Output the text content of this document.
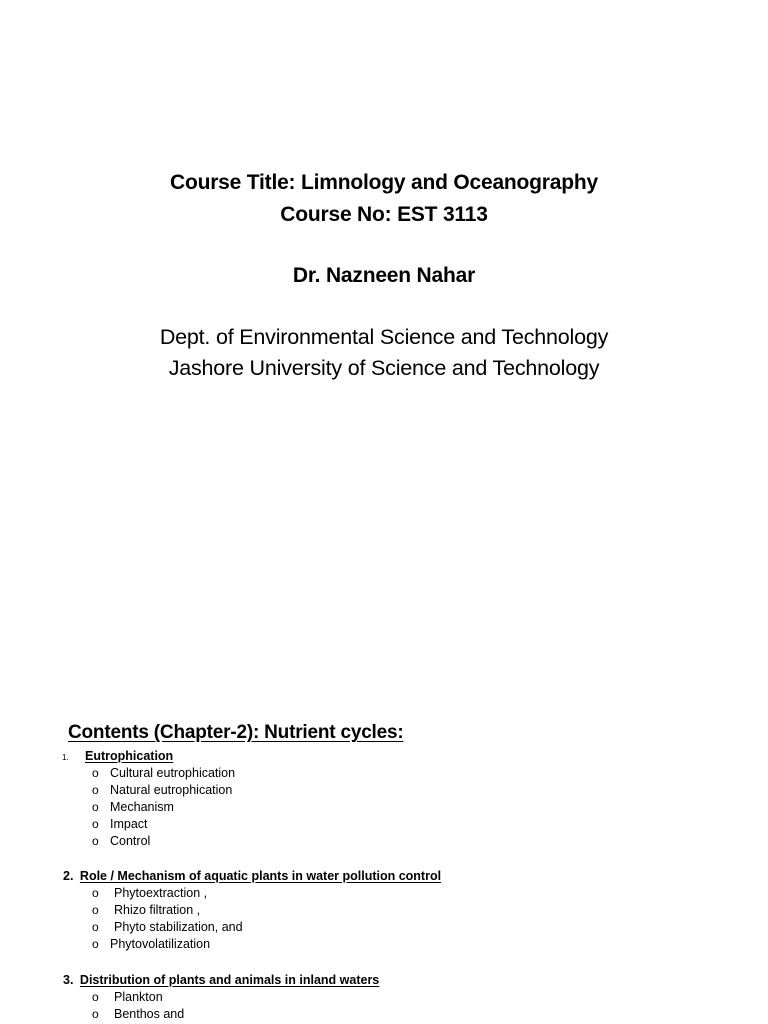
Course Title: Limnology and Oceanography
Course No: EST 3113
Dr. Nazneen Nahar
Dept. of Environmental Science and Technology
Jashore University of Science and Technology
Contents (Chapter-2): Nutrient cycles:
1. Eutrophication
o Cultural eutrophication
o Natural eutrophication
o Mechanism
o Impact
o Control
2. Role / Mechanism of aquatic plants in water pollution control
o Phytoextraction ,
o Rhizo filtration ,
o Phyto stabilization, and
o Phytovolatilization
3. Distribution of plants and animals in inland waters
o Plankton
o Benthos and
